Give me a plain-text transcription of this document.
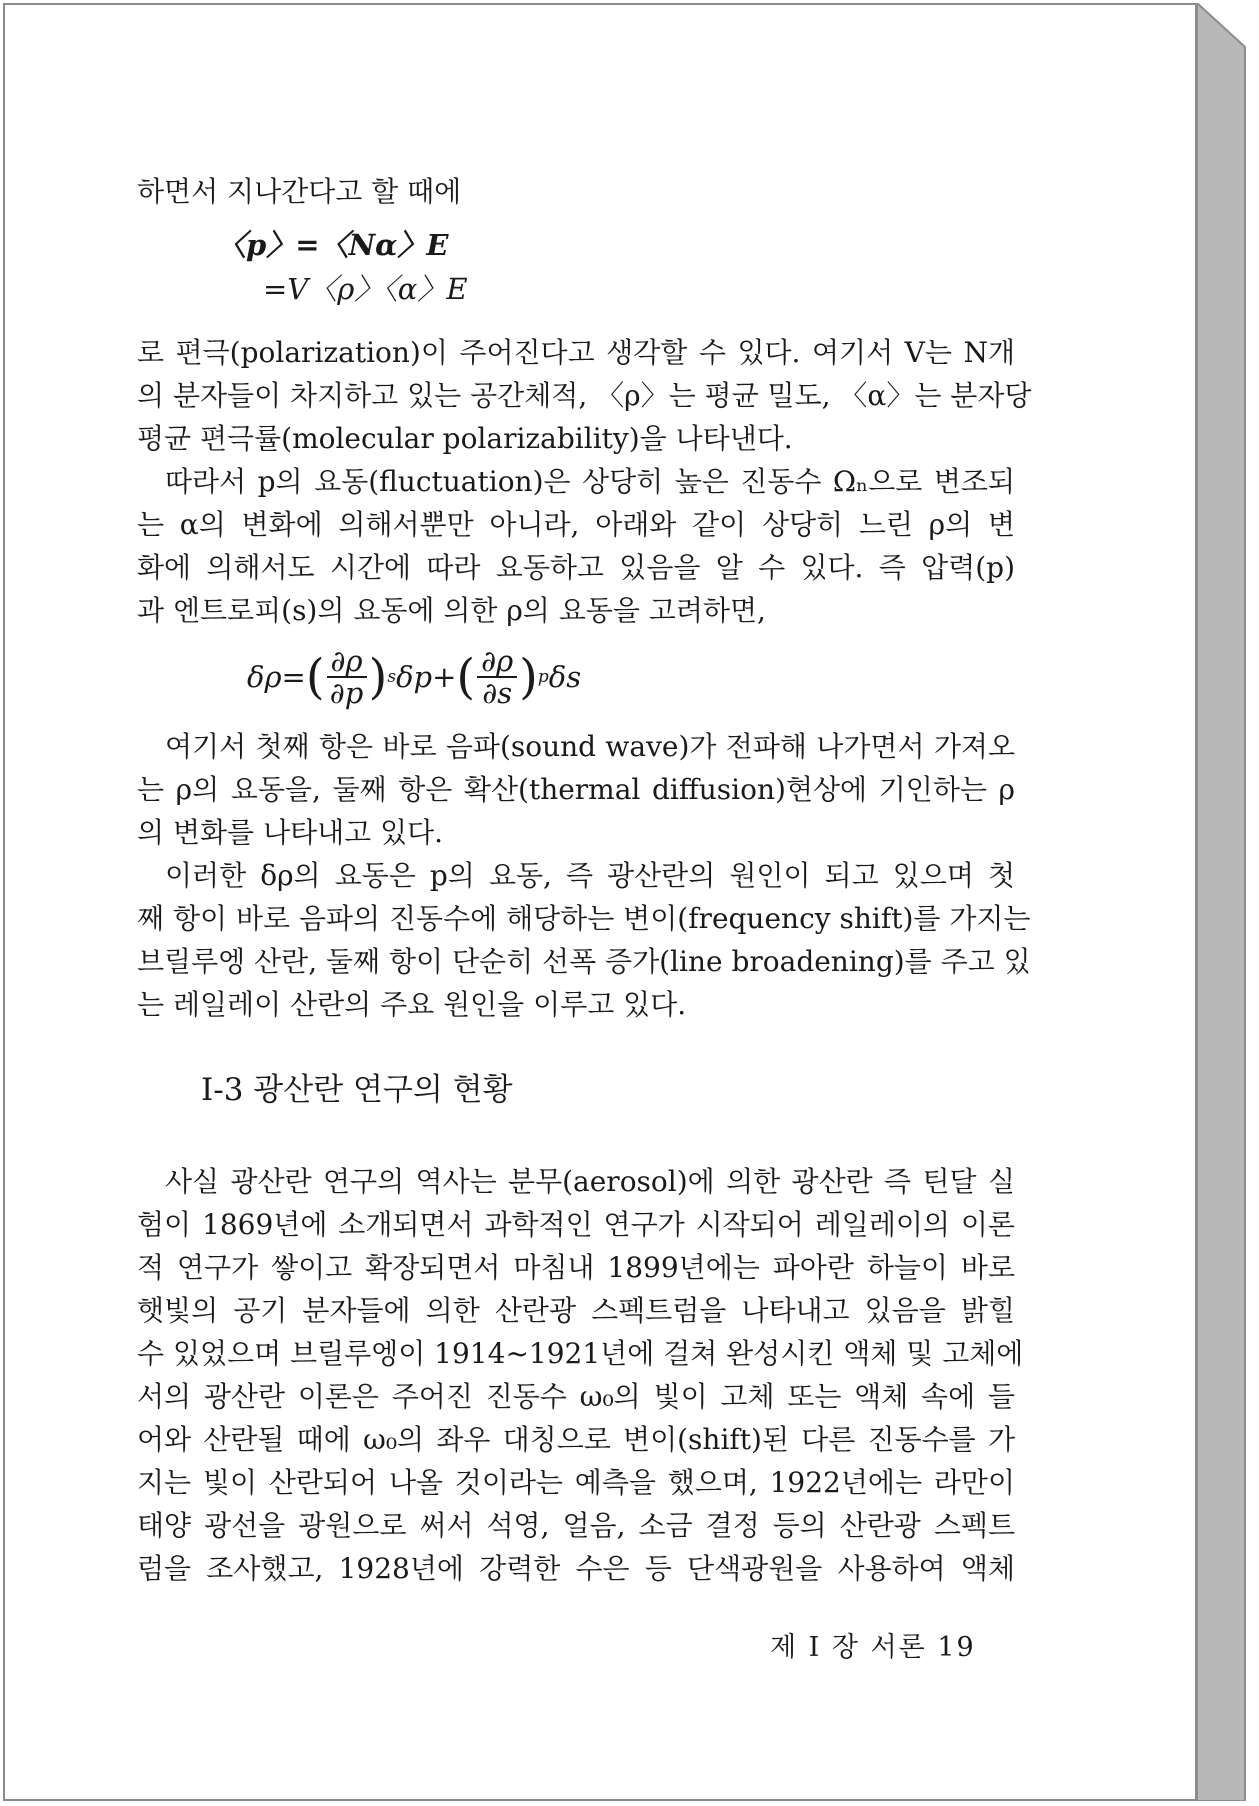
하면서 지나간다고 할 때에
〈p〉=〈Nα〉E
=V〈ρ〉〈α〉E
로 편극(polarization)이 주어진다고 생각할 수 있다. 여기서 V는 N개
의 분자들이 차지하고 있는 공간체적, 〈ρ〉는 평균 밀도, 〈α〉는 분자당
평균 편극률(molecular polarizability)을 나타낸다.
따라서 p의 요동(fluctuation)은 상당히 높은 진동수 Ωₙ으로 변조되
는 α의 변화에 의해서뿐만 아니라, 아래와 같이 상당히 느린 ρ의 변
화에 의해서도 시간에 따라 요동하고 있음을 알 수 있다. 즉 압력(p)
과 엔트로피(s)의 요동에 의한 ρ의 요동을 고려하면,
δρ= ( $\frac{\partial\rho}{\partial p}$ ) s δp+ ( $\frac{\partial\rho}{\partial s}$ ) p δs
여기서 첫째 항은 바로 음파(sound wave)가 전파해 나가면서 가져오
는 ρ의 요동을, 둘째 항은 확산(thermal diffusion)현상에 기인하는 ρ
의 변화를 나타내고 있다.
이러한 δρ의 요동은 p의 요동, 즉 광산란의 원인이 되고 있으며 첫
째 항이 바로 음파의 진동수에 해당하는 변이(frequency shift)를 가지는
브릴루엥 산란, 둘째 항이 단순히 선폭 증가(line broadening)를 주고 있
는 레일레이 산란의 주요 원인을 이루고 있다.
I-3 광산란 연구의 현황
사실 광산란 연구의 역사는 분무(aerosol)에 의한 광산란 즉 틴달 실
험이 1869년에 소개되면서 과학적인 연구가 시작되어 레일레이의 이론
적 연구가 쌓이고 확장되면서 마침내 1899년에는 파아란 하늘이 바로
햇빛의 공기 분자들에 의한 산란광 스펙트럼을 나타내고 있음을 밝힐
수 있었으며 브릴루엥이 1914~1921년에 걸쳐 완성시킨 액체 및 고체에
서의 광산란 이론은 주어진 진동수 ω₀의 빛이 고체 또는 액체 속에 들
어와 산란될 때에 ω₀의 좌우 대칭으로 변이(shift)된 다른 진동수를 가
지는 빛이 산란되어 나올 것이라는 예측을 했으며, 1922년에는 라만이
태양 광선을 광원으로 써서 석영, 얼음, 소금 결정 등의 산란광 스펙트
럼을 조사했고, 1928년에 강력한 수은 등 단색광원을 사용하여 액체
제 I 장 서론 19
